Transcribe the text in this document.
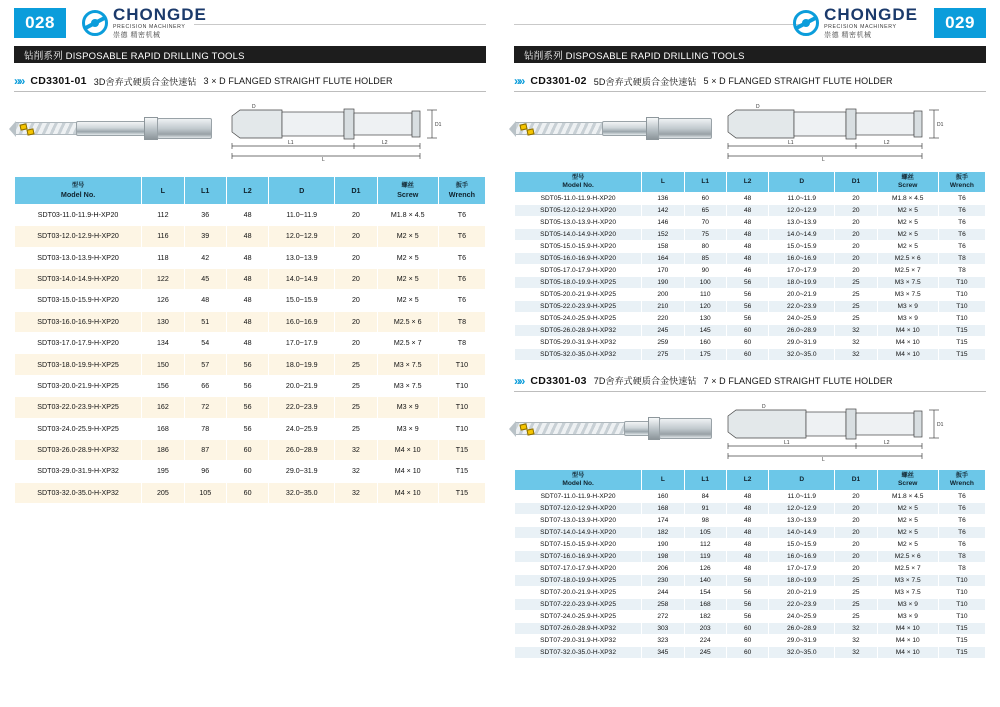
028	CHONGDE
PRECISION MACHINERY
崇德 精密机械
钻削系列 DISPOSABLE RAPID DRILLING TOOLS
»» CD3301-01 3D舍弃式硬质合金快速钻 3 × D FLANGED STRAIGHT FLUTE HOLDER
L1	L2
L
D1
D
型号
Model No.	L	L1	L2	D	D1	螺丝
Screw	扳手
Wrench
SDT03-11.0-11.9-H-XP20	112	36	48	11.0~11.9	20	M1.8 × 4.5	T6
SDT03-12.0-12.9-H-XP20	116	39	48	12.0~12.9	20	M2 × 5	T6
SDT03-13.0-13.9-H-XP20	118	42	48	13.0~13.9	20	M2 × 5	T6
SDT03-14.0-14.9-H-XP20	122	45	48	14.0~14.9	20	M2 × 5	T6
SDT03-15.0-15.9-H-XP20	126	48	48	15.0~15.9	20	M2 × 5	T6
SDT03-16.0-16.9-H-XP20	130	51	48	16.0~16.9	20	M2.5 × 6	T8
SDT03-17.0-17.9-H-XP20	134	54	48	17.0~17.9	20	M2.5 × 7	T8
SDT03-18.0-19.9-H-XP25	150	57	56	18.0~19.9	25	M3 × 7.5	T10
SDT03-20.0-21.9-H-XP25	156	66	56	20.0~21.9	25	M3 × 7.5	T10
SDT03-22.0-23.9-H-XP25	162	72	56	22.0~23.9	25	M3 × 9	T10
SDT03-24.0-25.9-H-XP25	168	78	56	24.0~25.9	25	M3 × 9	T10
SDT03-26.0-28.9-H-XP32	186	87	60	26.0~28.9	32	M4 × 10	T15
SDT03-29.0-31.9-H-XP32	195	96	60	29.0~31.9	32	M4 × 10	T15
SDT03-32.0-35.0-H-XP32	205	105	60	32.0~35.0	32	M4 × 10	T15
029
CHONGDE
PRECISION MACHINERY
崇德 精密机械
钻削系列 DISPOSABLE RAPID DRILLING TOOLS
»» CD3301-02 5D舍弃式硬质合金快速钻 5 × D FLANGED STRAIGHT FLUTE HOLDER
L1	L2
L
D1
D
型号
Model No.	L	L1	L2	D	D1	螺丝
Screw	扳手
Wrench
SDT05-11.0-11.9-H-XP20	136	60	48	11.0~11.9	20	M1.8 × 4.5	T6
SDT05-12.0-12.9-H-XP20	142	65	48	12.0~12.9	20	M2 × 5	T6
SDT05-13.0-13.9-H-XP20	146	70	48	13.0~13.9	20	M2 × 5	T6
SDT05-14.0-14.9-H-XP20	152	75	48	14.0~14.9	20	M2 × 5	T6
SDT05-15.0-15.9-H-XP20	158	80	48	15.0~15.9	20	M2 × 5	T6
SDT05-16.0-16.9-H-XP20	164	85	48	16.0~16.9	20	M2.5 × 6	T8
SDT05-17.0-17.9-H-XP20	170	90	46	17.0~17.9	20	M2.5 × 7	T8
SDT05-18.0-19.9-H-XP25	190	100	56	18.0~19.9	25	M3 × 7.5	T10
SDT05-20.0-21.9-H-XP25	200	110	56	20.0~21.9	25	M3 × 7.5	T10
SDT05-22.0-23.9-H-XP25	210	120	56	22.0~23.9	25	M3 × 9	T10
SDT05-24.0-25.9-H-XP25	220	130	56	24.0~25.9	25	M3 × 9	T10
SDT05-26.0-28.9-H-XP32	245	145	60	26.0~28.9	32	M4 × 10	T15
SDT05-29.0-31.9-H-XP32	259	160	60	29.0~31.9	32	M4 × 10	T15
SDT05-32.0-35.0-H-XP32	275	175	60	32.0~35.0	32	M4 × 10	T15
»» CD3301-03 7D舍弃式硬质合金快速钻 7 × D FLANGED STRAIGHT FLUTE HOLDER
L1	L2
L
D1
D
型号
Model No.	L	L1	L2	D	D1	螺丝
Screw	扳手
Wrench
SDT07-11.0-11.9-H-XP20	160	84	48	11.0~11.9	20	M1.8 × 4.5	T6
SDT07-12.0-12.9-H-XP20	168	91	48	12.0~12.9	20	M2 × 5	T6
SDT07-13.0-13.9-H-XP20	174	98	48	13.0~13.9	20	M2 × 5	T6
SDT07-14.0-14.9-H-XP20	182	105	48	14.0~14.9	20	M2 × 5	T6
SDT07-15.0-15.9-H-XP20	190	112	48	15.0~15.9	20	M2 × 5	T6
SDT07-16.0-16.9-H-XP20	198	119	48	16.0~16.9	20	M2.5 × 6	T8
SDT07-17.0-17.9-H-XP20	206	126	48	17.0~17.9	20	M2.5 × 7	T8
SDT07-18.0-19.9-H-XP25	230	140	56	18.0~19.9	25	M3 × 7.5	T10
SDT07-20.0-21.9-H-XP25	244	154	56	20.0~21.9	25	M3 × 7.5	T10
SDT07-22.0-23.9-H-XP25	258	168	56	22.0~23.9	25	M3 × 9	T10
SDT07-24.0-25.9-H-XP25	272	182	56	24.0~25.9	25	M3 × 9	T10
SDT07-26.0-28.9-H-XP32	303	203	60	26.0~28.9	32	M4 × 10	T15
SDT07-29.0-31.9-H-XP32	323	224	60	29.0~31.9	32	M4 × 10	T15
SDT07-32.0-35.0-H-XP32	345	245	60	32.0~35.0	32	M4 × 10	T15
